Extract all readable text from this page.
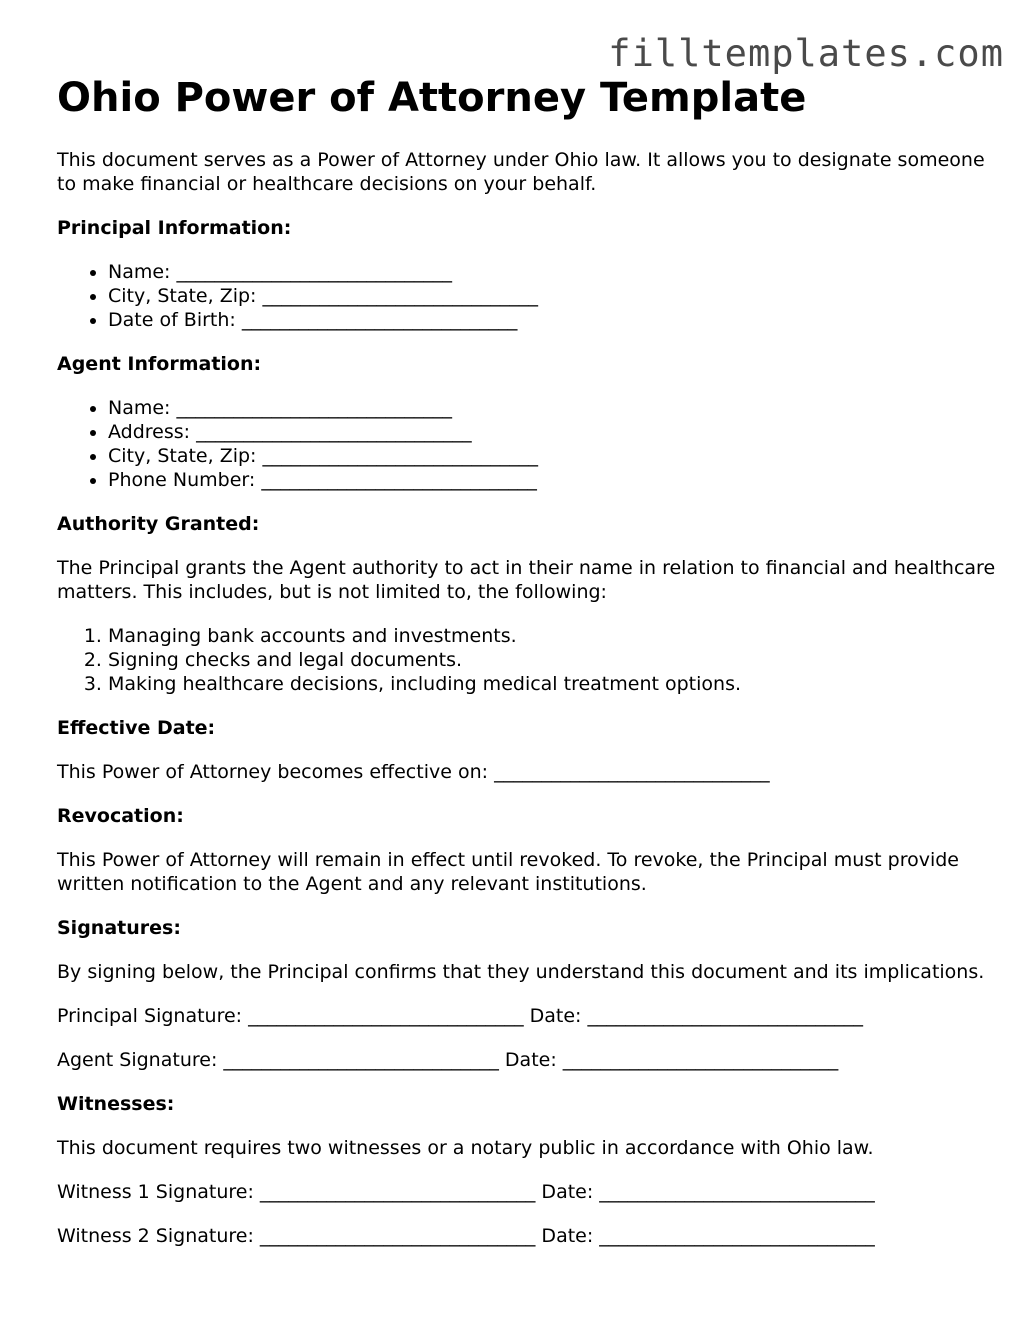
filltemplates.com
Ohio Power of Attorney Template

This document serves as a Power of Attorney under Ohio law. It allows you to designate someone to make financial or healthcare decisions on your behalf.

Principal Information:
• Name: _____________________________
• City, State, Zip: _____________________________
• Date of Birth: _____________________________
Agent Information:
• Name: _____________________________
• Address: _____________________________
• City, State, Zip: _____________________________
• Phone Number: _____________________________
Authority Granted:

The Principal grants the Agent authority to act in their name in relation to financial and healthcare matters. This includes, but is not limited to, the following:

1. Managing bank accounts and investments.
2. Signing checks and legal documents.
3. Making healthcare decisions, including medical treatment options.
Effective Date:

This Power of Attorney becomes effective on: _____________________________

Revocation:

This Power of Attorney will remain in effect until revoked. To revoke, the Principal must provide written notification to the Agent and any relevant institutions.

Signatures:

By signing below, the Principal confirms that they understand this document and its implications.

Principal Signature: _____________________________ Date: _____________________________

Agent Signature: _____________________________ Date: _____________________________

Witnesses:

This document requires two witnesses or a notary public in accordance with Ohio law.

Witness 1 Signature: _____________________________ Date: _____________________________

Witness 2 Signature: _____________________________ Date: _____________________________
